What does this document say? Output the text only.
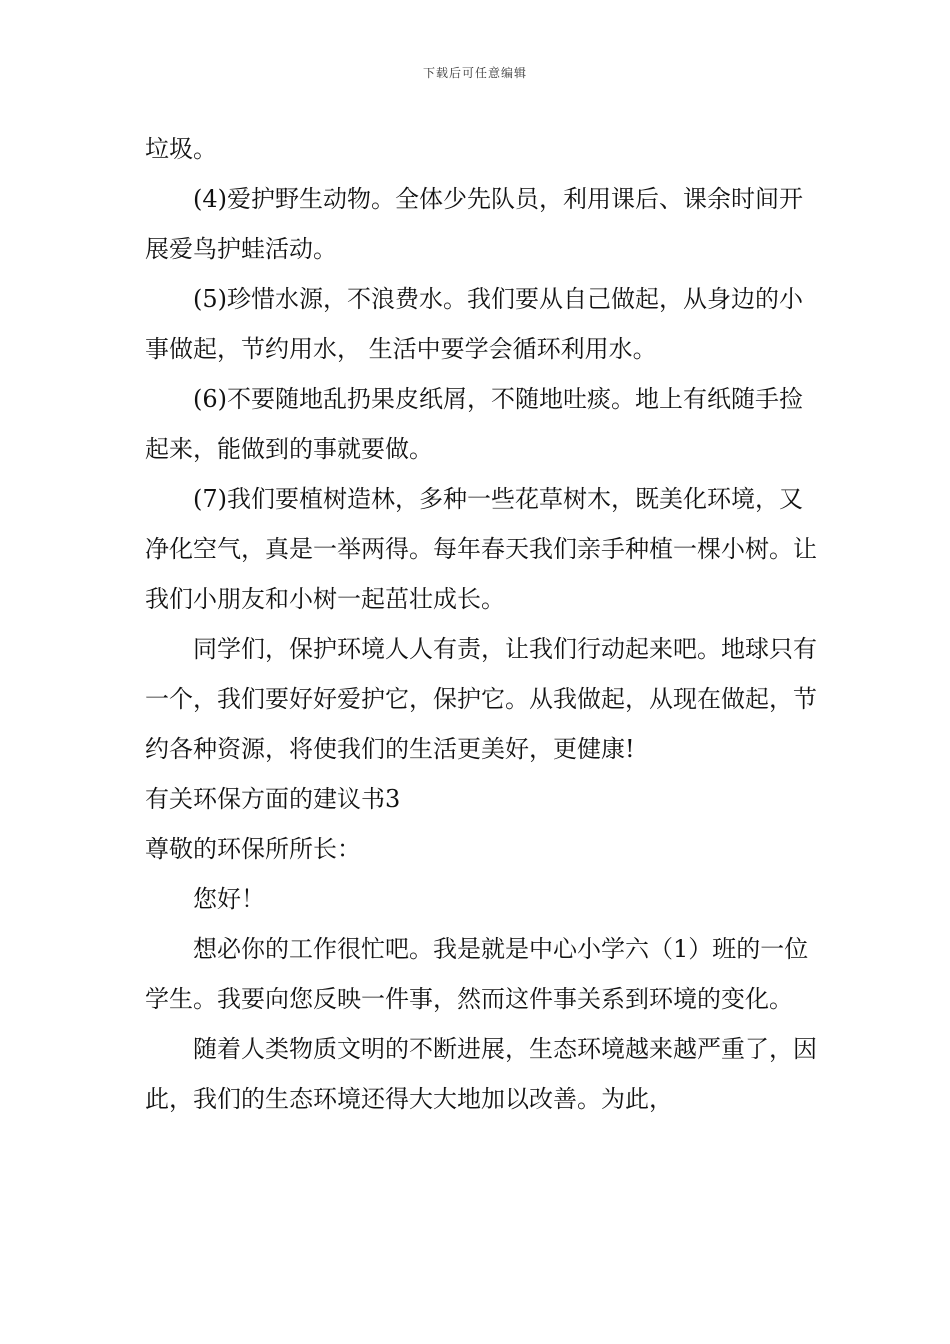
下载后可任意编辑

垃圾。

(4)爱护野生动物。全体少先队员，利用课后、课余时间开展爱鸟护蛙活动。

(5)珍惜水源，不浪费水。我们要从自己做起，从身边的小事做起，节约用水， 生活中要学会循环利用水。

(6)不要随地乱扔果皮纸屑，不随地吐痰。地上有纸随手捡起来，能做到的事就要做。

(7)我们要植树造林，多种一些花草树木，既美化环境，又净化空气，真是一举两得。每年春天我们亲手种植一棵小树。让我们小朋友和小树一起茁壮成长。

同学们，保护环境人人有责，让我们行动起来吧。地球只有一个，我们要好好爱护它，保护它。从我做起，从现在做起，节约各种资源，将使我们的生活更美好，更健康!

有关环保方面的建议书3

尊敬的环保所所长：

您好！

想必你的工作很忙吧。我是就是中心小学六（1）班的一位学生。我要向您反映一件事，然而这件事关系到环境的变化。

随着人类物质文明的不断进展，生态环境越来越严重了，因此，我们的生态环境还得大大地加以改善。为此，
